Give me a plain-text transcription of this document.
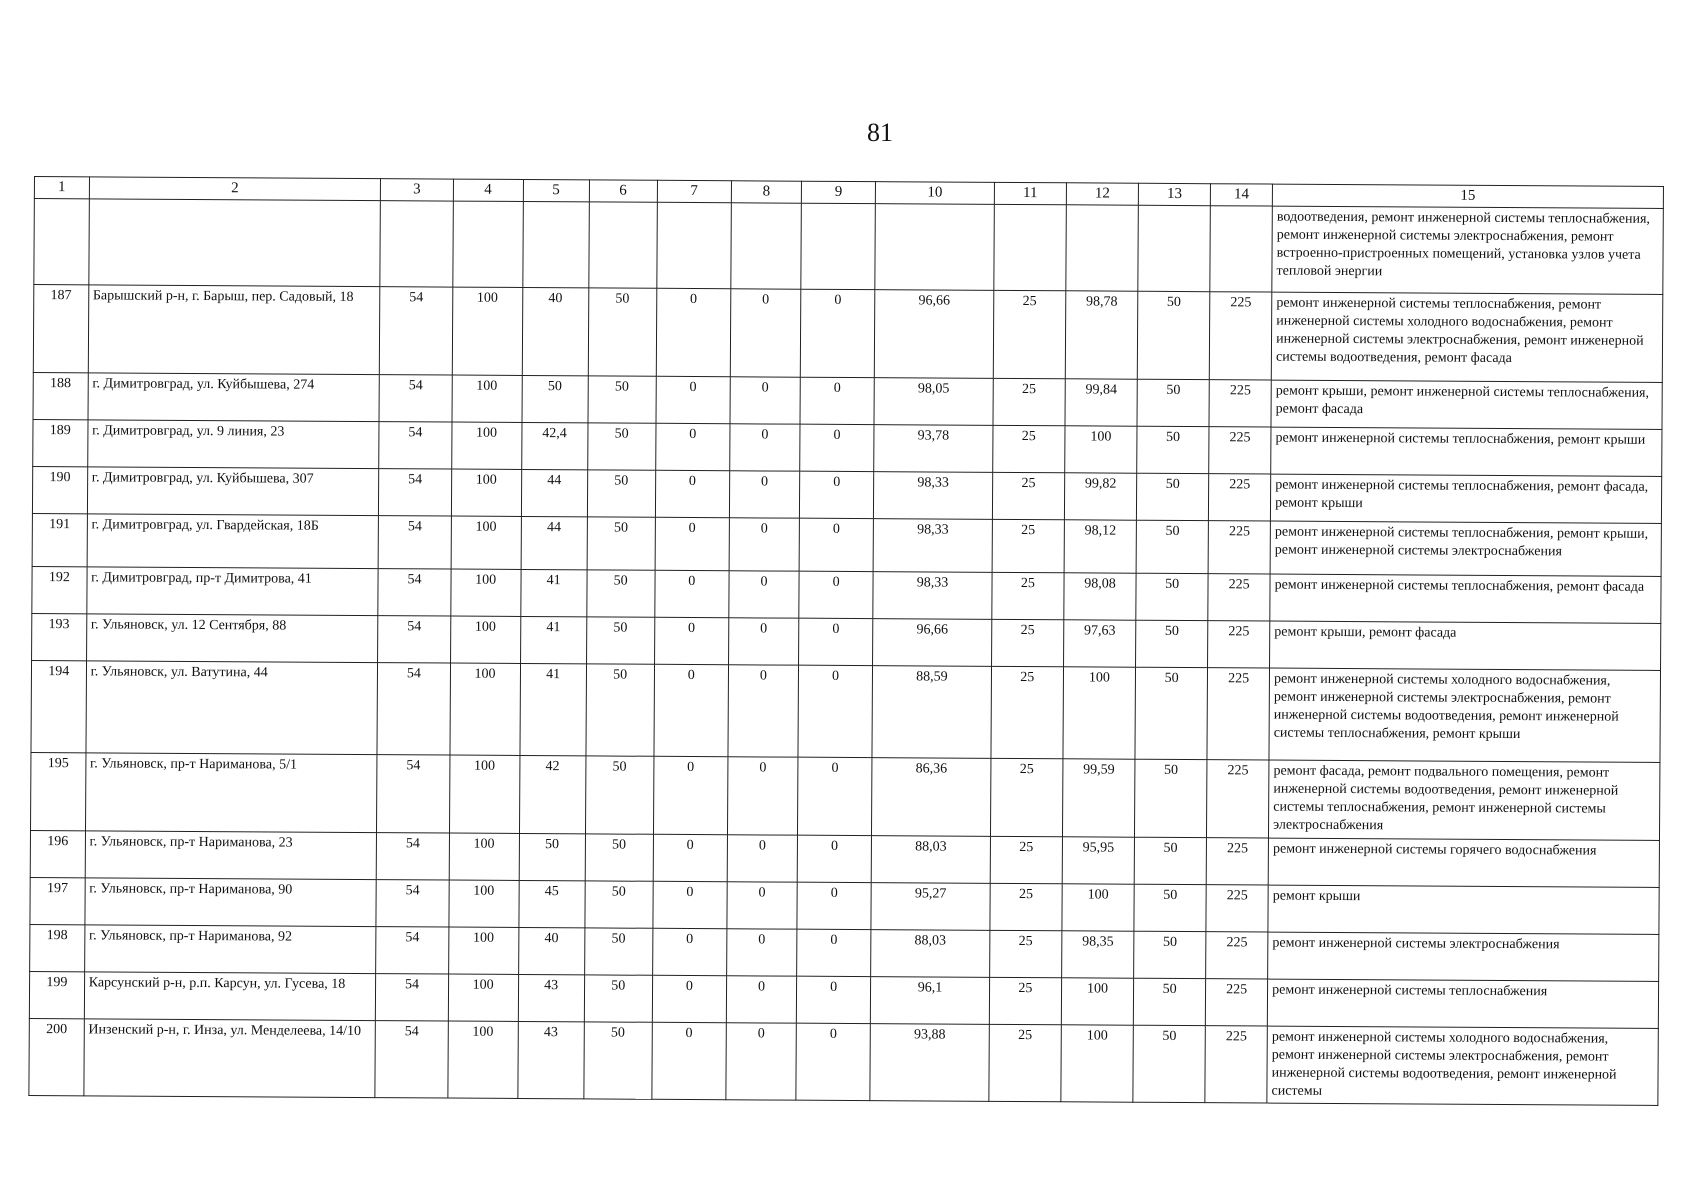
81
1	2	3	4	5	6	7	8	9	10	11	12	13	14	15
														водоотведения, ремонт инженерной системы теплоснабжения, ремонт инженерной системы электроснабжения, ремонт встроенно-пристроенных помещений, установка узлов учета тепловой энергии
187	Барышский р-н, г. Барыш, пер. Садовый, 18	54	100	40	50	0	0	0	96,66	25	98,78	50	225	ремонт инженерной системы теплоснабжения, ремонт инженерной системы холодного водоснабжения, ремонт инженерной системы электроснабжения, ремонт инженерной системы водоотведения, ремонт фасада
188	г. Димитровград, ул. Куйбышева, 274	54	100	50	50	0	0	0	98,05	25	99,84	50	225	ремонт крыши, ремонт инженерной системы теплоснабжения, ремонт фасада
189	г. Димитровград, ул. 9 линия, 23	54	100	42,4	50	0	0	0	93,78	25	100	50	225	ремонт инженерной системы теплоснабжения, ремонт крыши
190	г. Димитровград, ул. Куйбышева, 307	54	100	44	50	0	0	0	98,33	25	99,82	50	225	ремонт инженерной системы теплоснабжения, ремонт фасада, ремонт крыши
191	г. Димитровград, ул. Гвардейская, 18Б	54	100	44	50	0	0	0	98,33	25	98,12	50	225	ремонт инженерной системы теплоснабжения, ремонт крыши, ремонт инженерной системы электроснабжения
192	г. Димитровград, пр-т Димитрова, 41	54	100	41	50	0	0	0	98,33	25	98,08	50	225	ремонт инженерной системы теплоснабжения, ремонт фасада
193	г. Ульяновск, ул. 12 Сентября, 88	54	100	41	50	0	0	0	96,66	25	97,63	50	225	ремонт крыши, ремонт фасада
194	г. Ульяновск, ул. Ватутина, 44	54	100	41	50	0	0	0	88,59	25	100	50	225	ремонт инженерной системы холодного водоснабжения, ремонт инженерной системы электроснабжения, ремонт инженерной системы водоотведения, ремонт инженерной системы теплоснабжения, ремонт крыши
195	г. Ульяновск, пр-т Нариманова, 5/1	54	100	42	50	0	0	0	86,36	25	99,59	50	225	ремонт фасада, ремонт подвального помещения, ремонт инженерной системы водоотведения, ремонт инженерной системы теплоснабжения, ремонт инженерной системы электроснабжения
196	г. Ульяновск, пр-т Нариманова, 23	54	100	50	50	0	0	0	88,03	25	95,95	50	225	ремонт инженерной системы горячего водоснабжения
197	г. Ульяновск, пр-т Нариманова, 90	54	100	45	50	0	0	0	95,27	25	100	50	225	ремонт крыши
198	г. Ульяновск, пр-т Нариманова, 92	54	100	40	50	0	0	0	88,03	25	98,35	50	225	ремонт инженерной системы электроснабжения
199	Карсунский р-н, р.п. Карсун, ул. Гусева, 18	54	100	43	50	0	0	0	96,1	25	100	50	225	ремонт инженерной системы теплоснабжения
200	Инзенский р-н, г. Инза, ул. Менделеева, 14/10	54	100	43	50	0	0	0	93,88	25	100	50	225	ремонт инженерной системы холодного водоснабжения, ремонт инженерной системы электроснабжения, ремонт инженерной системы водоотведения, ремонт инженерной системы
